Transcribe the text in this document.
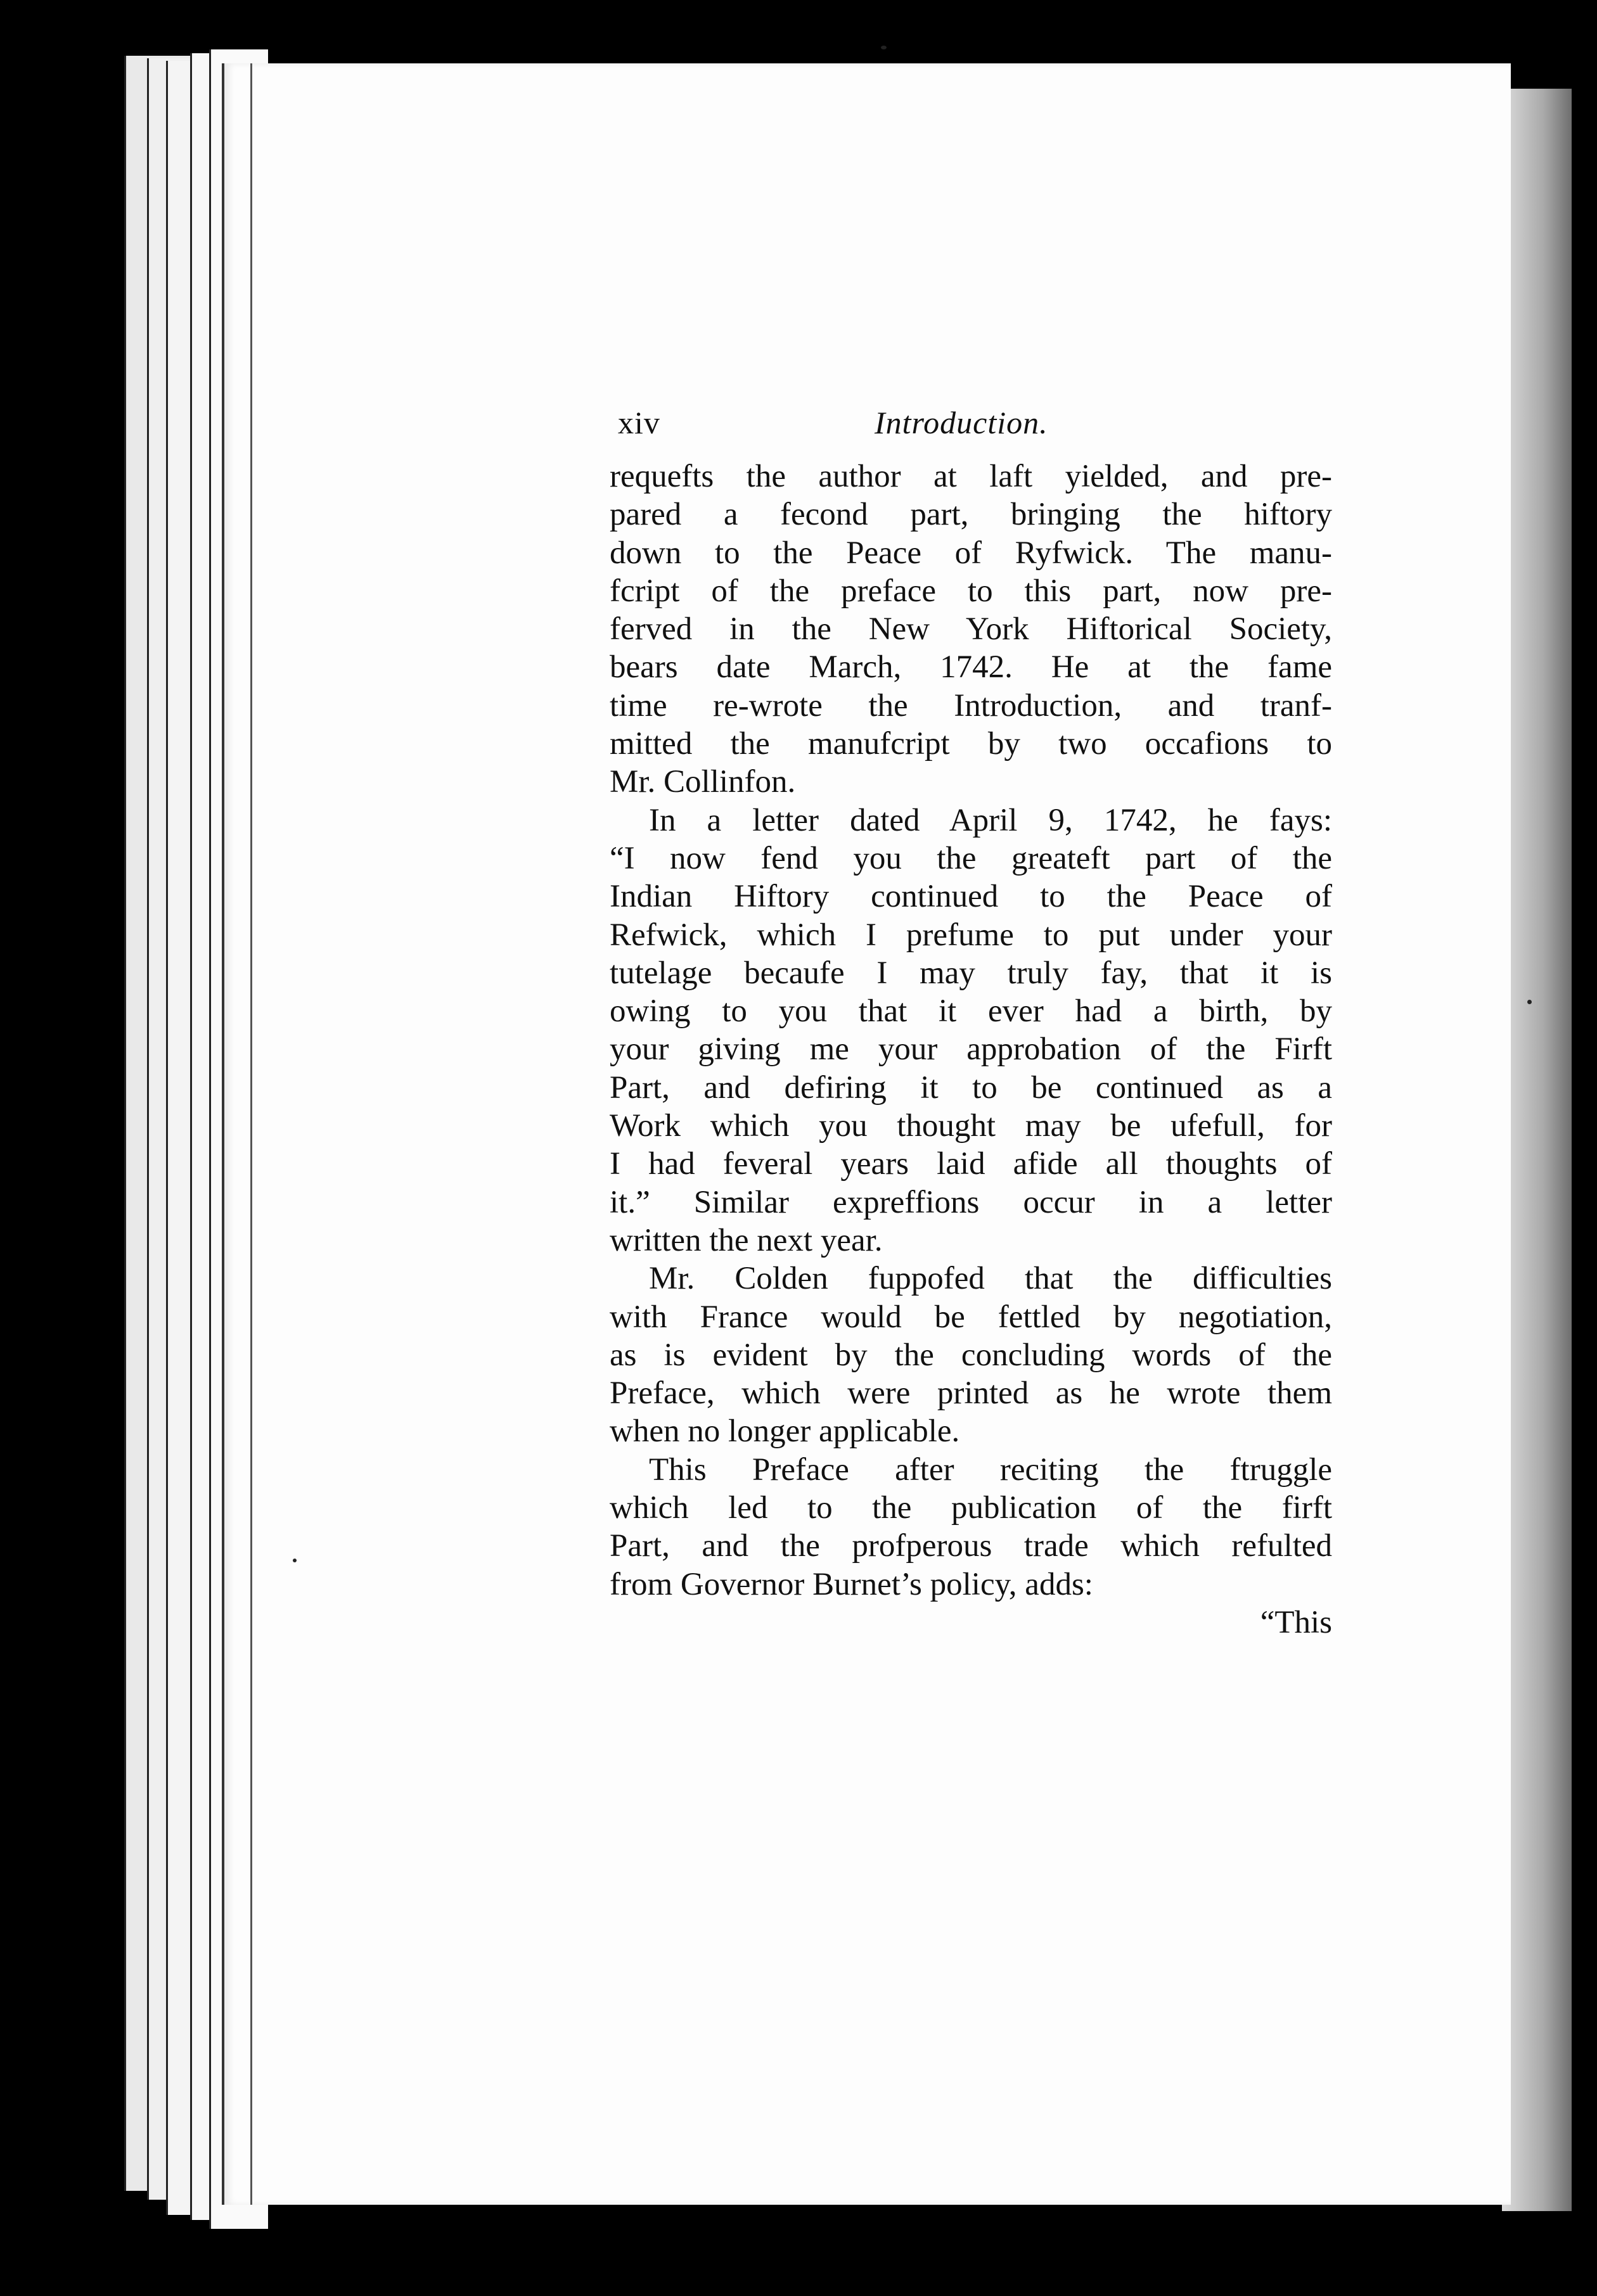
xiv	Introduction.
requefts the author at laft yielded, and pre-
pared a fecond part, bringing the hiftory
down to the Peace of Ryfwick. The manu-
fcript of the preface to this part, now pre-
ferved in the New York Hiftorical Society,
bears date March, 1742. He at the fame
time re-wrote the Introduction, and tranf-
mitted the manufcript by two occafions to
Mr. Collinfon.
In a letter dated April 9, 1742, he fays:
“I now fend you the greateft part of the
Indian Hiftory continued to the Peace of
Refwick, which I prefume to put under your
tutelage becaufe I may truly fay, that it is
owing to you that it ever had a birth, by
your giving me your approbation of the Firft
Part, and defiring it to be continued as a
Work which you thought may be ufefull, for
I had feveral years laid afide all thoughts of
it.” Similar expreffions occur in a letter
written the next year.
Mr. Colden fuppofed that the difficulties
with France would be fettled by negotiation,
as is evident by the concluding words of the
Preface, which were printed as he wrote them
when no longer applicable.
This Preface after reciting the ftruggle
which led to the publication of the firft
Part, and the profperous trade which refulted
from Governor Burnet’s policy, adds:
“This
